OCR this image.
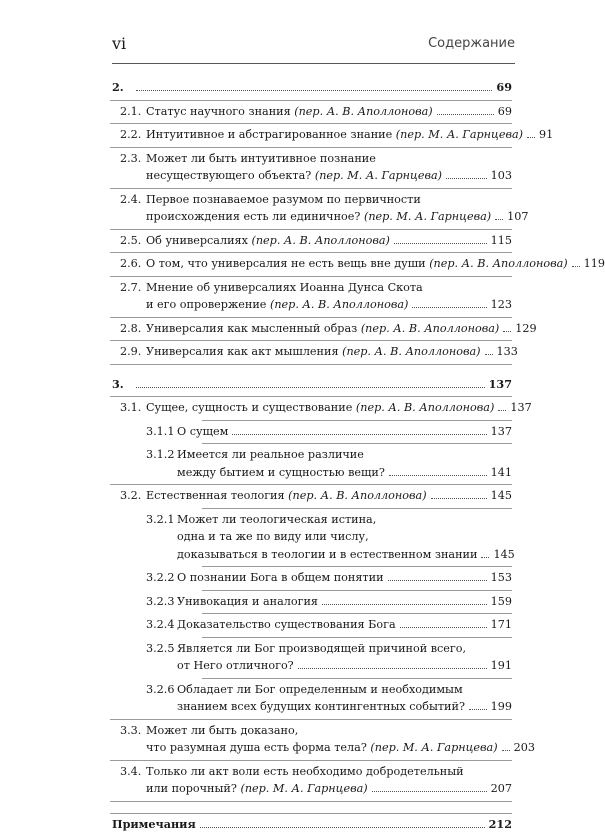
vi	Содержание
2.	69
2.1. Статус научного знания (пер. А. В. Аполлонова)	69
2.2. Интуитивное и абстрагированное знание (пер. М. А. Гарнцева) 91
2.3. Может ли быть интуитивное познание
несуществующего объекта? (пер. М. А. Гарнцева)	103
2.4. Первое познаваемое разумом по первичности
происхождения есть ли единичное? (пер. М. А. Гарнцева) 107
2.5. Об универсалиях (пер. А. В. Аполлонова)	115
2.6. О том, что универсалия не есть вещь вне души (пер. А. В. Аполлонова) 119
2.7. Мнение об универсалиях Иоанна Дунса Скота
и его опровержение (пер. А. В. Аполлонова)	123
2.8. Универсалия как мысленный образ (пер. А. В. Аполлонова) 129
2.9. Универсалия как акт мышления (пер. А. В. Аполлонова) 133
3.	137
3.1. Сущее, сущность и существование (пер. А. В. Аполлонова) 137
3.1.1 О сущем	137
3.1.2 Имеется ли реальное различие
между бытием и сущностью вещи?	141
3.2. Естественная теология (пер. А. В. Аполлонова)	145
3.2.1 Может ли теологическая истина,
одна и та же по виду или числу,
доказываться в теологии и в естественном знании 145
3.2.2 О познании Бога в общем понятии	153
3.2.3 Унивокация и аналогия	159
3.2.4 Доказательство существования Бога	171
3.2.5 Является ли Бог производящей причиной всего,
от Него отличного?	191
3.2.6 Обладает ли Бог определенным и необходимым
знанием всех будущих контингентных событий? 199
3.3. Может ли быть доказано,
что разумная душа есть форма тела? (пер. М. А. Гарнцева) 203
3.4. Только ли акт воли есть необходимо добродетельный
или порочный? (пер. М. А. Гарнцева)	207
Примечания	212
